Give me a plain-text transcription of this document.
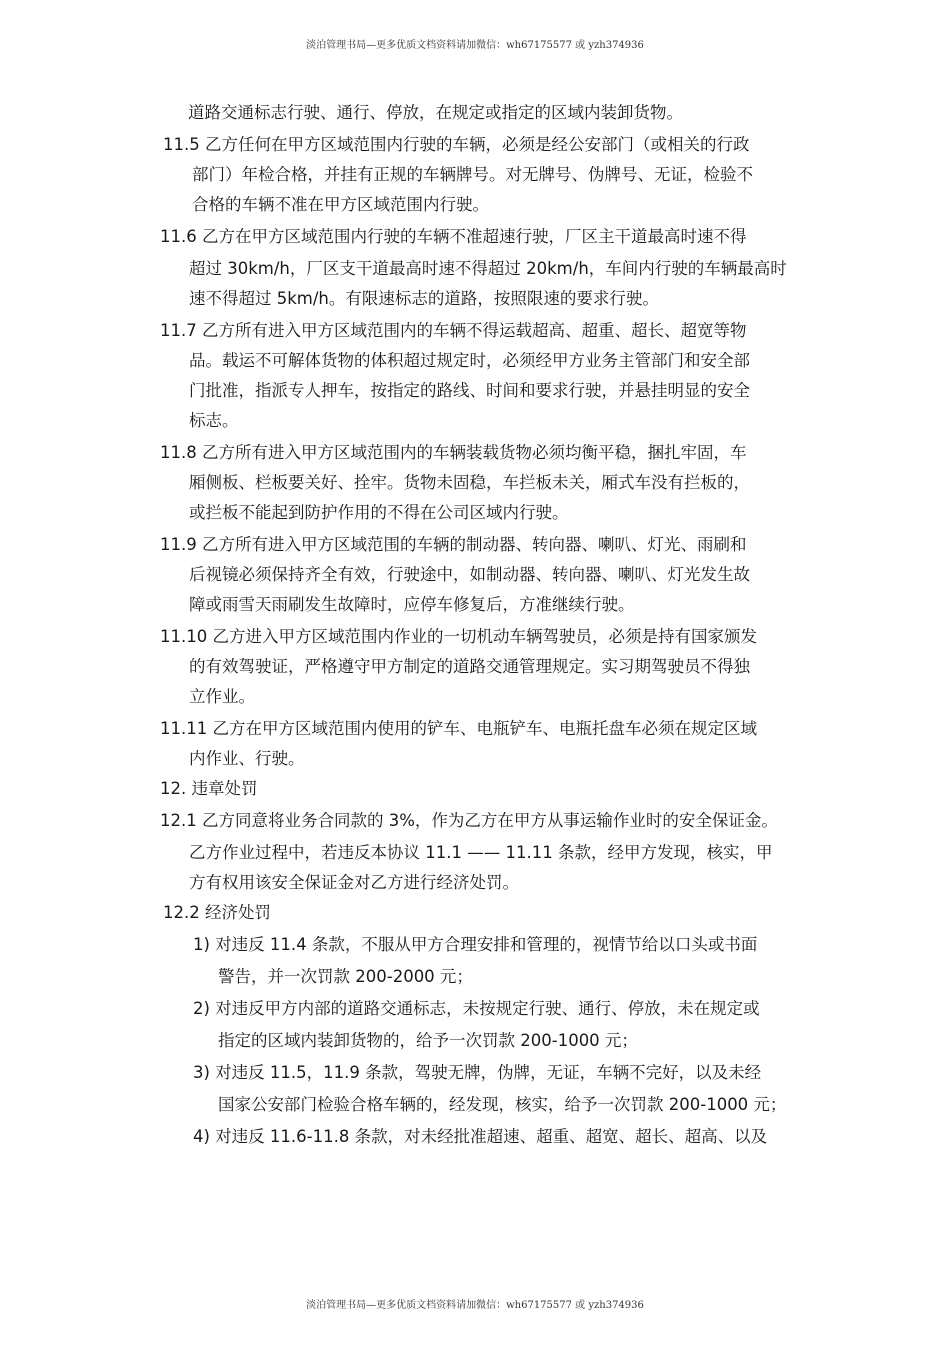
淡泊管理书局—更多优质文档资料请加微信：wh67175577 或 yzh374936
道路交通标志行驶、通行、停放，在规定或指定的区域内装卸货物。
11.5 乙方任何在甲方区域范围内行驶的车辆，必须是经公安部门（或相关的行政
部门）年检合格，并挂有正规的车辆牌号。对无牌号、伪牌号、无证，检验不
合格的车辆不准在甲方区域范围内行驶。
11.6 乙方在甲方区域范围内行驶的车辆不准超速行驶，厂区主干道最高时速不得
超过 30km/h，厂区支干道最高时速不得超过 20km/h，车间内行驶的车辆最高时
速不得超过 5km/h。有限速标志的道路，按照限速的要求行驶。
11.7 乙方所有进入甲方区域范围内的车辆不得运载超高、超重、超长、超宽等物
品。载运不可解体货物的体积超过规定时，必须经甲方业务主管部门和安全部
门批准，指派专人押车，按指定的路线、时间和要求行驶，并悬挂明显的安全
标志。
11.8 乙方所有进入甲方区域范围内的车辆装载货物必须均衡平稳，捆扎牢固，车
厢侧板、栏板要关好、拴牢。货物未固稳，车拦板未关，厢式车没有拦板的，
或拦板不能起到防护作用的不得在公司区域内行驶。
11.9 乙方所有进入甲方区域范围的车辆的制动器、转向器、喇叭、灯光、雨刷和
后视镜必须保持齐全有效，行驶途中，如制动器、转向器、喇叭、灯光发生故
障或雨雪天雨刷发生故障时，应停车修复后，方准继续行驶。
11.10 乙方进入甲方区域范围内作业的一切机动车辆驾驶员，必须是持有国家颁发
的有效驾驶证，严格遵守甲方制定的道路交通管理规定。实习期驾驶员不得独
立作业。
11.11 乙方在甲方区域范围内使用的铲车、电瓶铲车、电瓶托盘车必须在规定区域
内作业、行驶。
12. 违章处罚
12.1 乙方同意将业务合同款的 3%，作为乙方在甲方从事运输作业时的安全保证金。
乙方作业过程中，若违反本协议 11.1 —— 11.11 条款，经甲方发现，核实，甲
方有权用该安全保证金对乙方进行经济处罚。
12.2 经济处罚
1) 对违反 11.4 条款，不服从甲方合理安排和管理的，视情节给以口头或书面
警告，并一次罚款 200-2000 元；
2) 对违反甲方内部的道路交通标志，未按规定行驶、通行、停放，未在规定或
指定的区域内装卸货物的，给予一次罚款 200-1000 元；
3) 对违反 11.5，11.9 条款，驾驶无牌，伪牌，无证，车辆不完好，以及未经
国家公安部门检验合格车辆的，经发现，核实，给予一次罚款 200-1000 元；
4) 对违反 11.6-11.8 条款，对未经批准超速、超重、超宽、超长、超高、以及
淡泊管理书局—更多优质文档资料请加微信：wh67175577 或 yzh374936
